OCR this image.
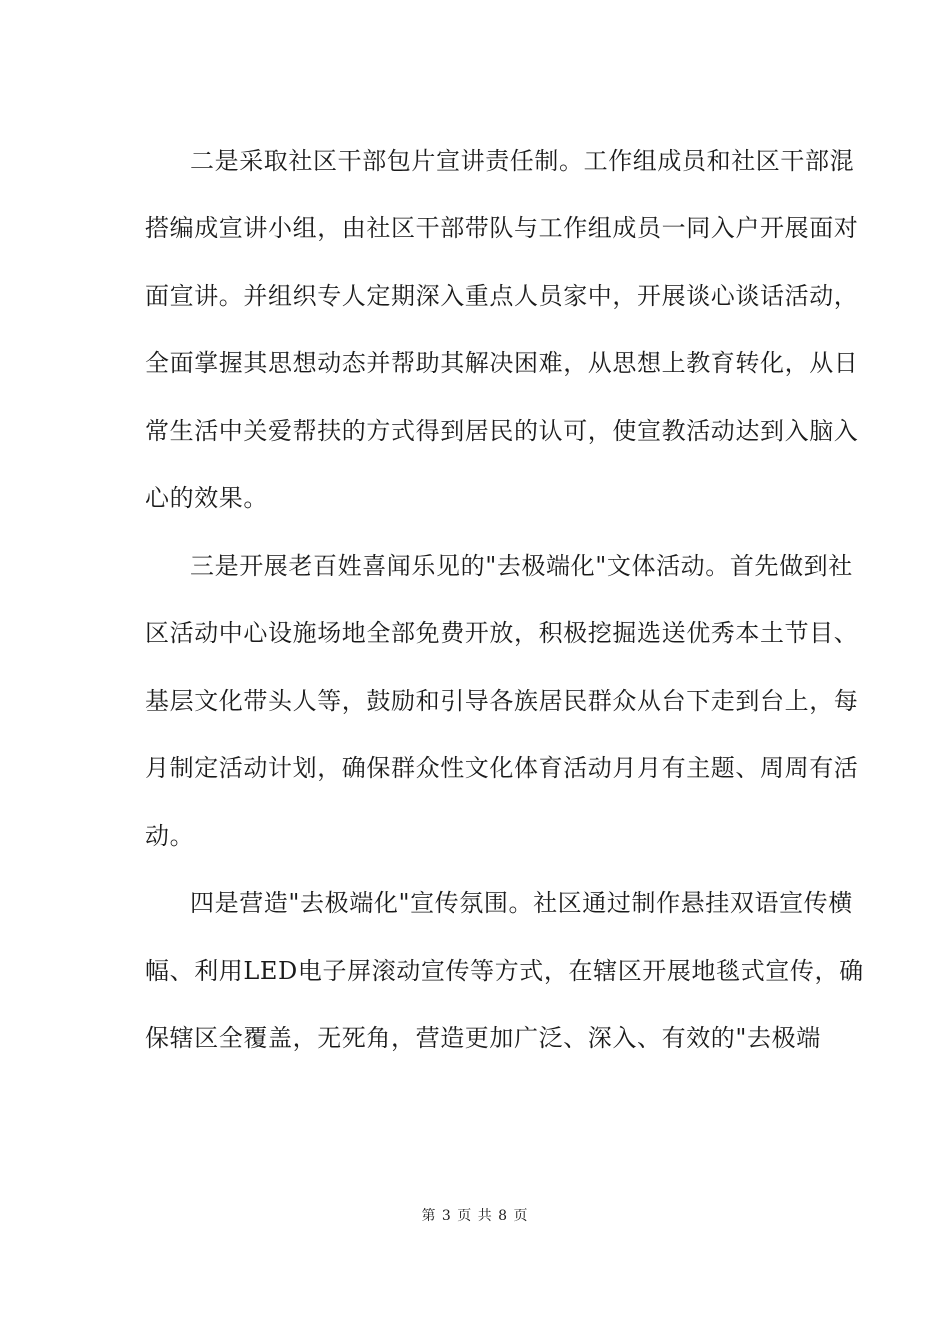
二是采取社区干部包片宣讲责任制。工作组成员和社区干部混
搭编成宣讲小组，由社区干部带队与工作组成员一同入户开展面对
面宣讲。并组织专人定期深入重点人员家中，开展谈心谈话活动，
全面掌握其思想动态并帮助其解决困难，从思想上教育转化，从日
常生活中关爱帮扶的方式得到居民的认可，使宣教活动达到入脑入
心的效果。
三是开展老百姓喜闻乐见的"去极端化"文体活动。首先做到社
区活动中心设施场地全部免费开放，积极挖掘选送优秀本土节目、
基层文化带头人等，鼓励和引导各族居民群众从台下走到台上，每
月制定活动计划，确保群众性文化体育活动月月有主题、周周有活
动。
四是营造"去极端化"宣传氛围。社区通过制作悬挂双语宣传横
幅、利用LED电子屏滚动宣传等方式，在辖区开展地毯式宣传，确
保辖区全覆盖，无死角，营造更加广泛、深入、有效的"去极端
第 3 页 共 8 页
